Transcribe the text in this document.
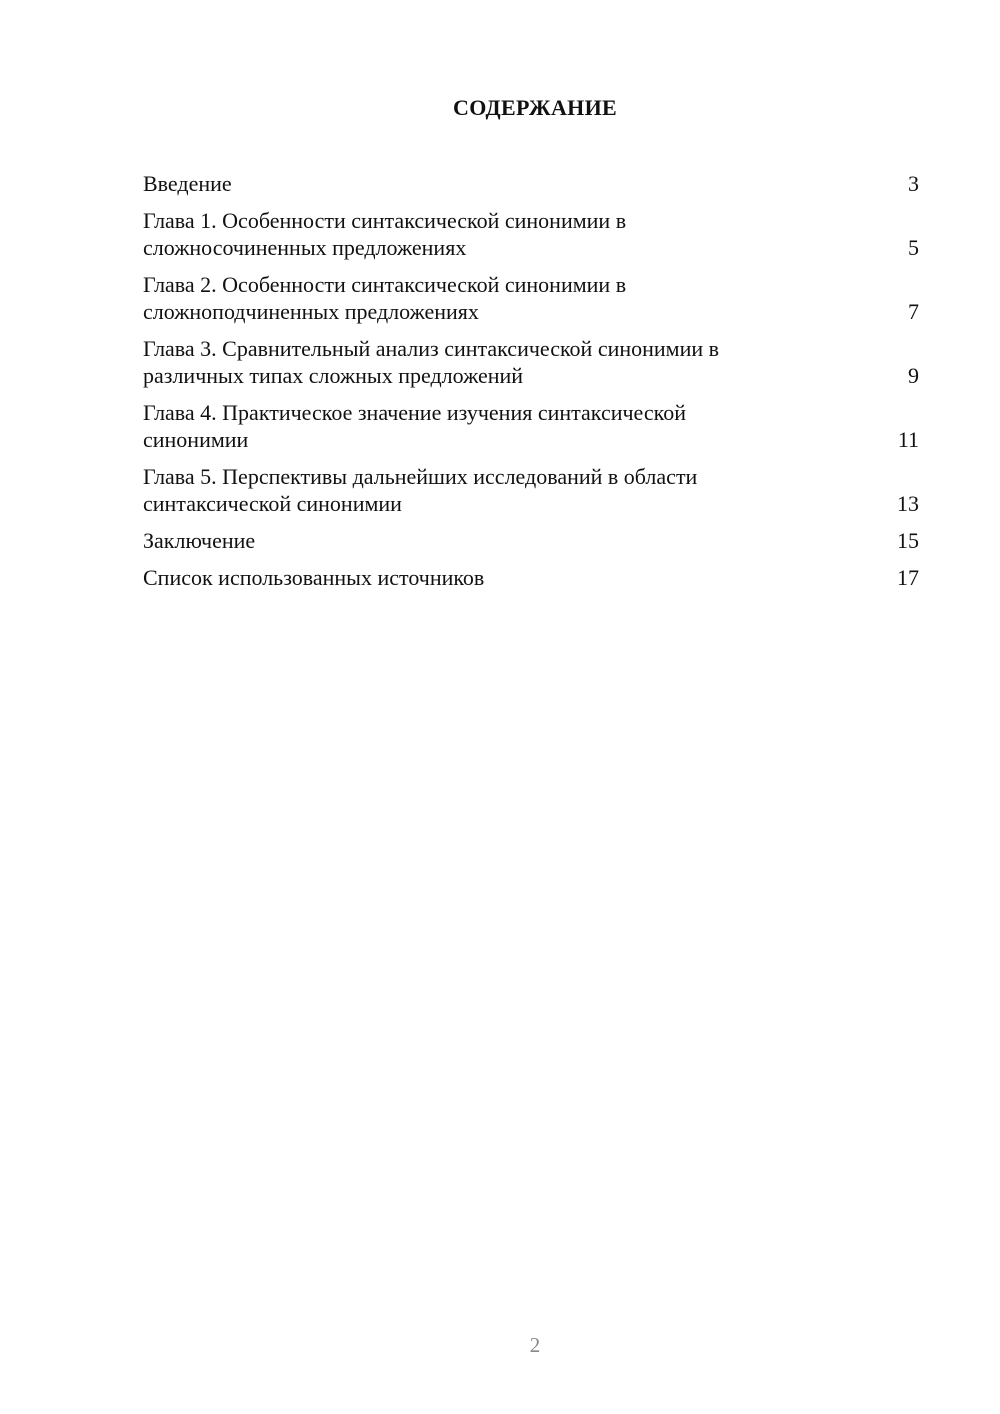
СОДЕРЖАНИЕ
Введение	3
Глава 1. Особенности синтаксической синонимии в
сложносочиненных предложениях	5
Глава 2. Особенности синтаксической синонимии в
сложноподчиненных предложениях	7
Глава 3. Сравнительный анализ синтаксической синонимии в
различных типах сложных предложений	9
Глава 4. Практическое значение изучения синтаксической
синонимии	11
Глава 5. Перспективы дальнейших исследований в области
синтаксической синонимии	13
Заключение	15
Список использованных источников	17
2
